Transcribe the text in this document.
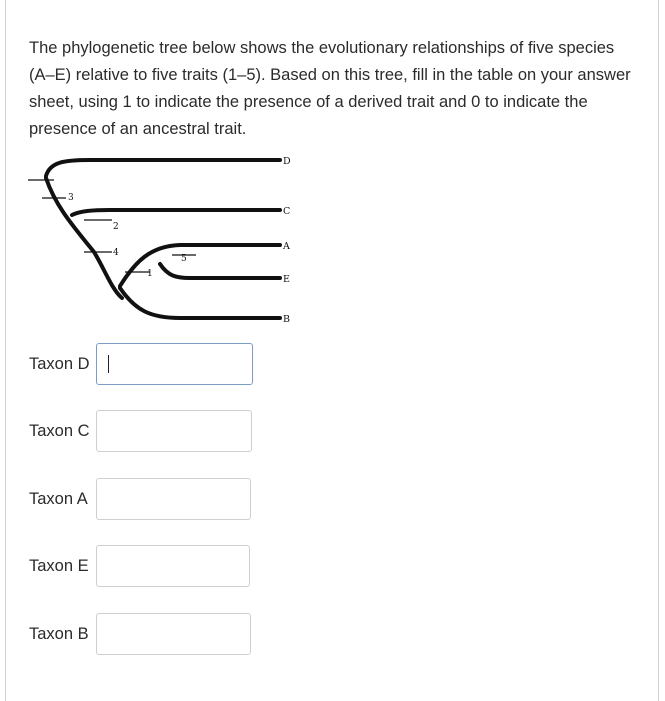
The phylogenetic tree below shows the evolutionary relationships of five species (A–E) relative to five traits (1–5). Based on this tree, fill in the table on your answer sheet, using 1 to indicate the presence of a derived trait and 0 to indicate the presence of an ancestral trait.

3
2
4
5
1
D
C
A
E
B
Taxon D
Taxon C
Taxon A
Taxon E
Taxon B
